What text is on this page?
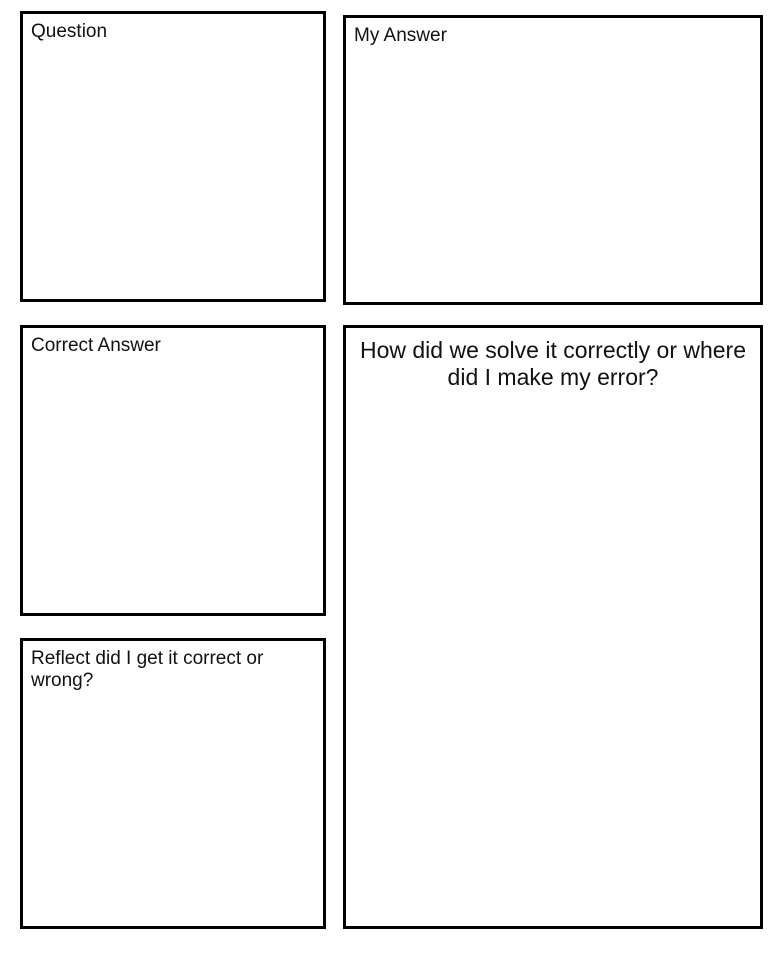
Question	My Answer
Correct Answer
Reflect did I get it correct or wrong?
How did we solve it correctly or where did I make my error?
